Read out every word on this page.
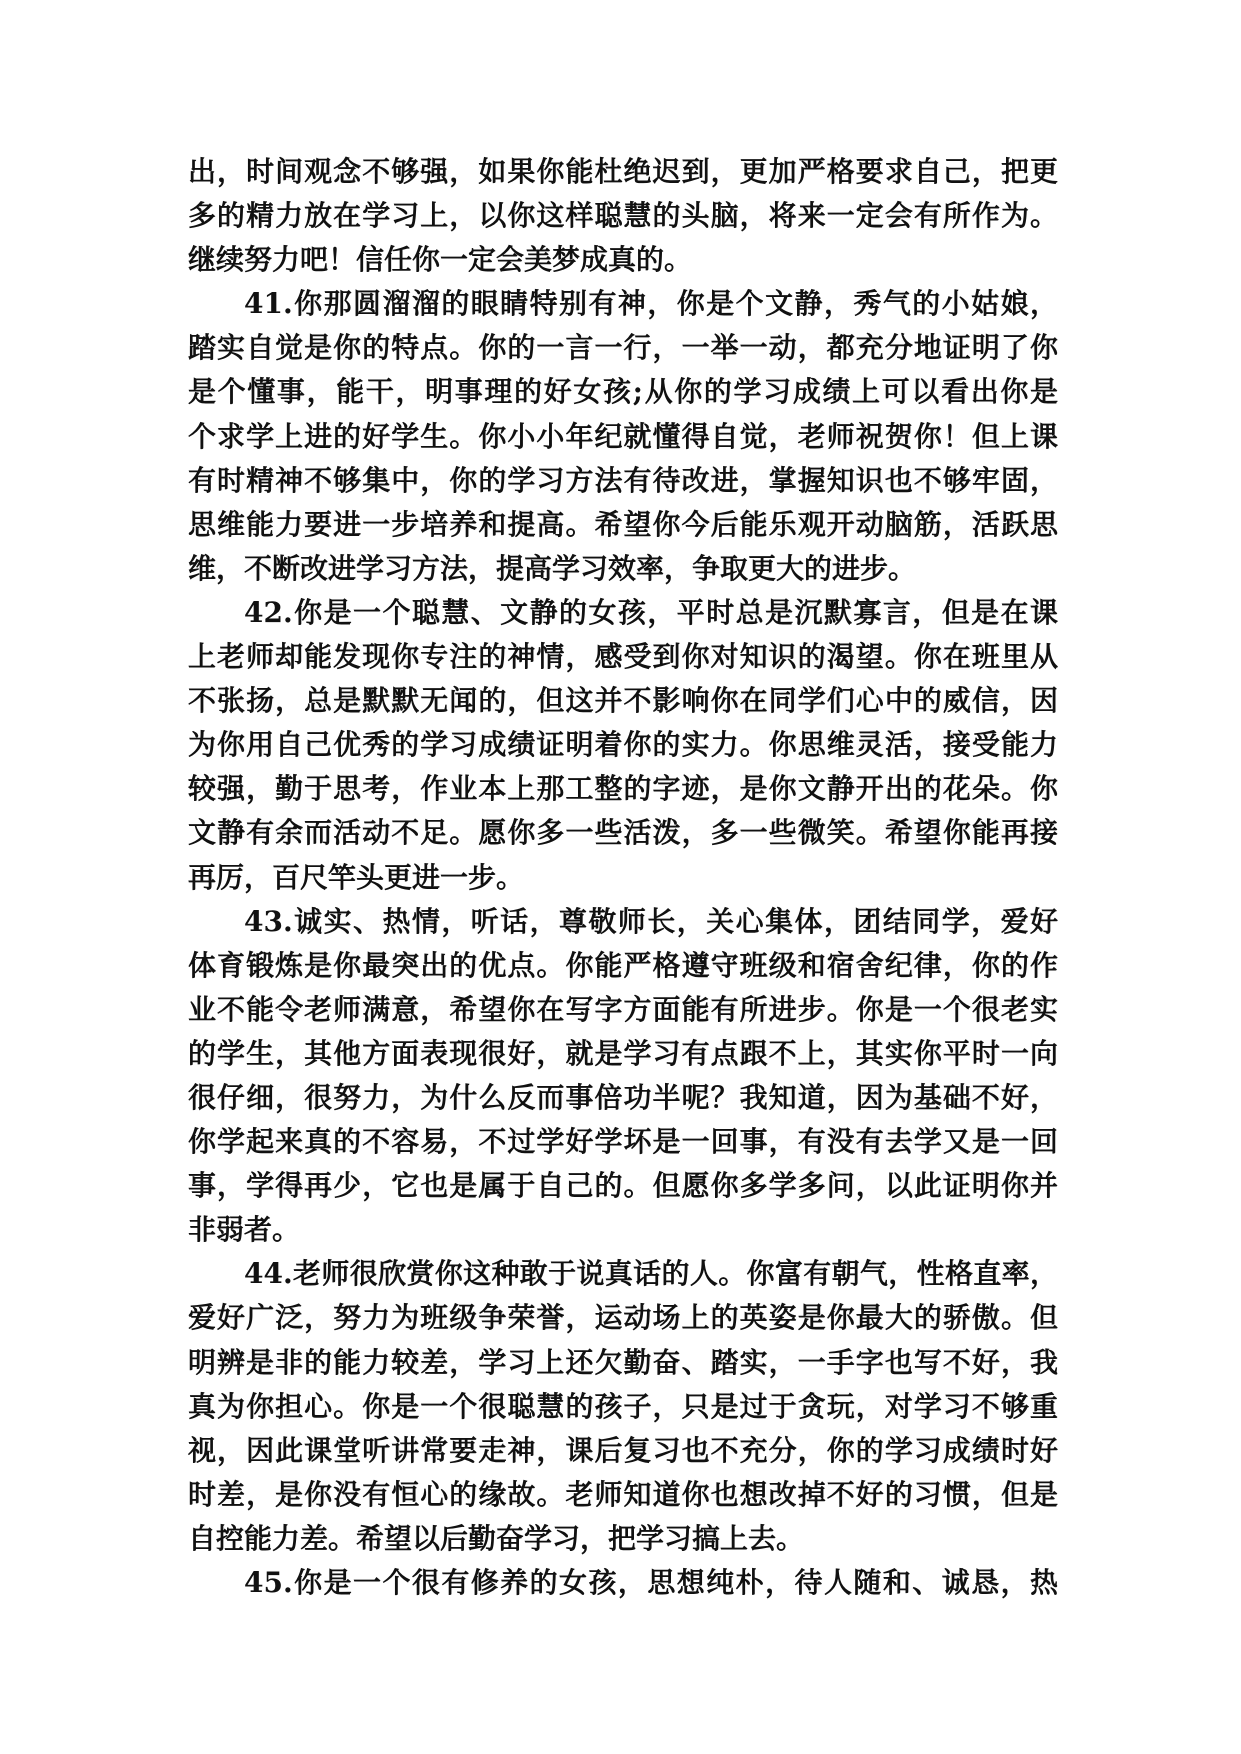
出，时间观念不够强，如果你能杜绝迟到，更加严格要求自己，把更
多的精力放在学习上，以你这样聪慧的头脑，将来一定会有所作为。
继续努力吧！信任你一定会美梦成真的。
41.你那圆溜溜的眼睛特别有神，你是个文静，秀气的小姑娘，
踏实自觉是你的特点。你的一言一行，一举一动，都充分地证明了你
是个懂事，能干，明事理的好女孩;从你的学习成绩上可以看出你是
个求学上进的好学生。你小小年纪就懂得自觉，老师祝贺你！但上课
有时精神不够集中，你的学习方法有待改进，掌握知识也不够牢固，
思维能力要进一步培养和提高。希望你今后能乐观开动脑筋，活跃思
维，不断改进学习方法，提高学习效率，争取更大的进步。
42.你是一个聪慧、文静的女孩，平时总是沉默寡言，但是在课
上老师却能发现你专注的神情，感受到你对知识的渴望。你在班里从
不张扬，总是默默无闻的，但这并不影响你在同学们心中的威信，因
为你用自己优秀的学习成绩证明着你的实力。你思维灵活，接受能力
较强，勤于思考，作业本上那工整的字迹，是你文静开出的花朵。你
文静有余而活动不足。愿你多一些活泼，多一些微笑。希望你能再接
再厉，百尺竿头更进一步。
43.诚实、热情，听话，尊敬师长，关心集体，团结同学，爱好
体育锻炼是你最突出的优点。你能严格遵守班级和宿舍纪律，你的作
业不能令老师满意，希望你在写字方面能有所进步。你是一个很老实
的学生，其他方面表现很好，就是学习有点跟不上，其实你平时一向
很仔细，很努力，为什么反而事倍功半呢？我知道，因为基础不好，
你学起来真的不容易，不过学好学坏是一回事，有没有去学又是一回
事，学得再少，它也是属于自己的。但愿你多学多问，以此证明你并
非弱者。
44.老师很欣赏你这种敢于说真话的人。你富有朝气，性格直率，
爱好广泛，努力为班级争荣誉，运动场上的英姿是你最大的骄傲。但
明辨是非的能力较差，学习上还欠勤奋、踏实，一手字也写不好，我
真为你担心。你是一个很聪慧的孩子，只是过于贪玩，对学习不够重
视，因此课堂听讲常要走神，课后复习也不充分，你的学习成绩时好
时差，是你没有恒心的缘故。老师知道你也想改掉不好的习惯，但是
自控能力差。希望以后勤奋学习，把学习搞上去。
45.你是一个很有修养的女孩，思想纯朴，待人随和、诚恳，热
